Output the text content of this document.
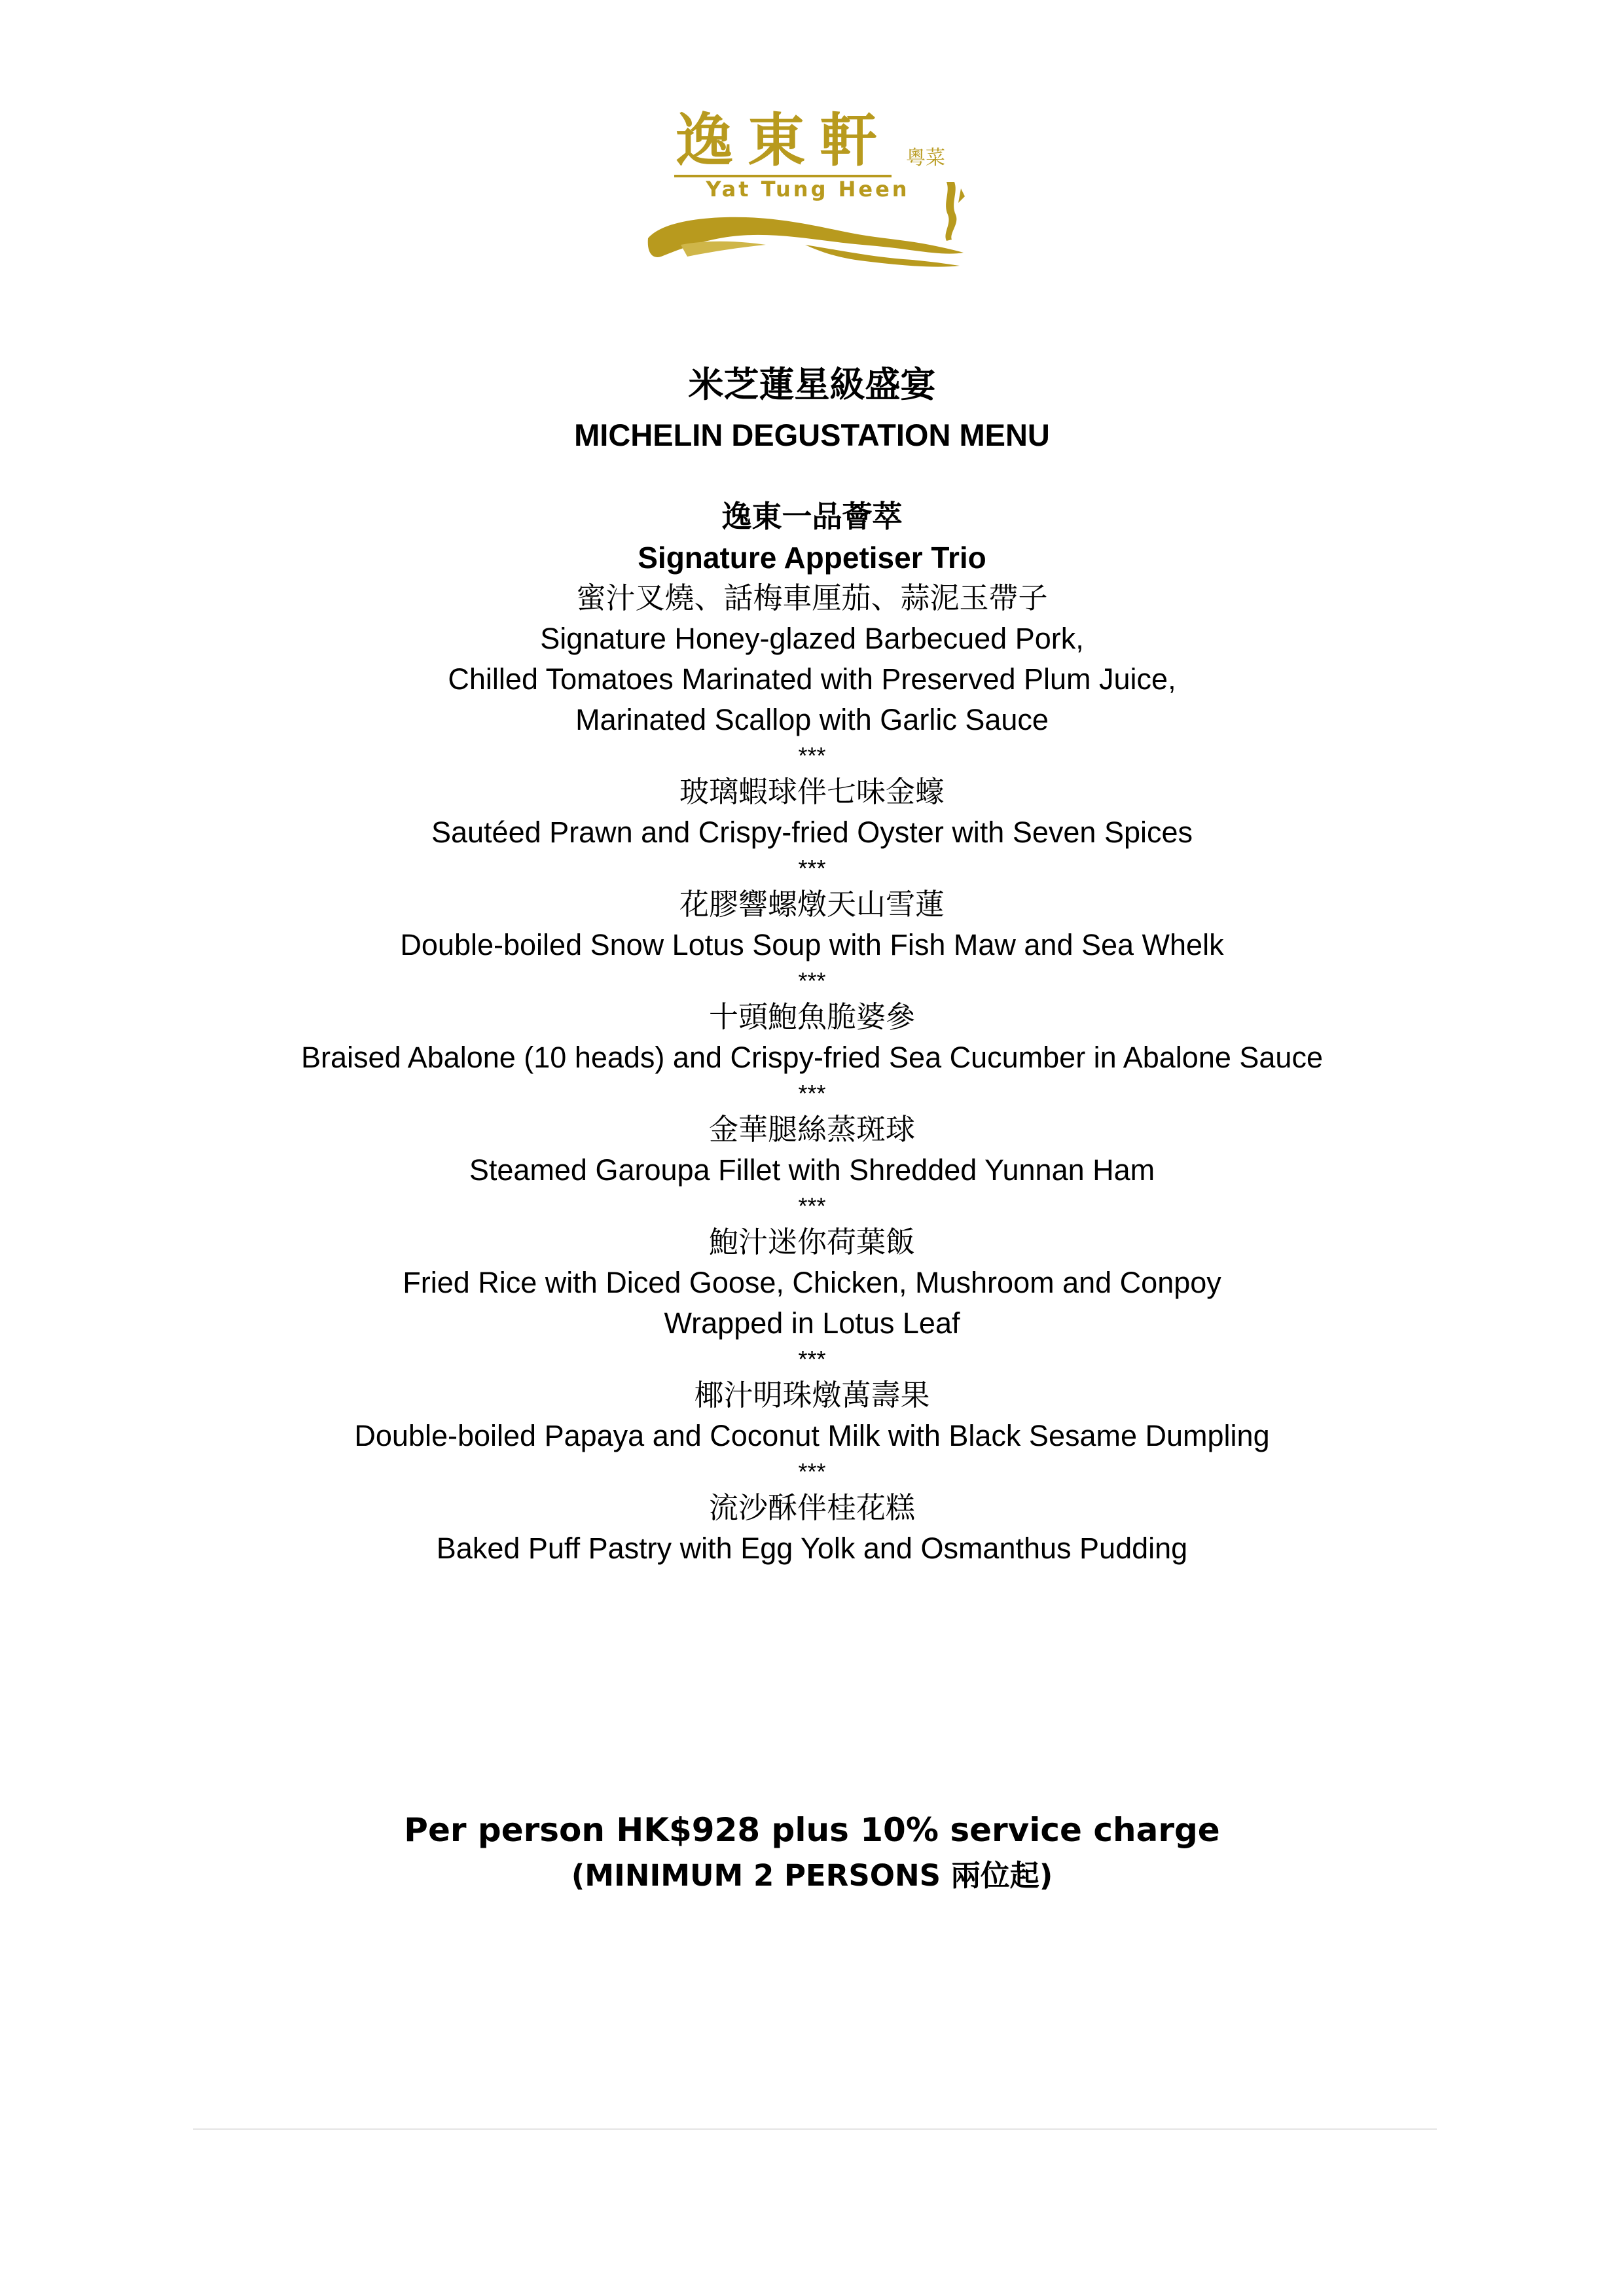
逸東軒 粵菜
Yat Tung Heen
米芝蓮星級盛宴
MICHELIN DEGUSTATION MENU
逸東一品薈萃
Signature Appetiser Trio
蜜汁叉燒、話梅車厘茄、蒜泥玉帶子
Signature Honey-glazed Barbecued Pork,
Chilled Tomatoes Marinated with Preserved Plum Juice,
Marinated Scallop with Garlic Sauce
***
玻璃蝦球伴七味金蠔
Sautéed Prawn and Crispy-fried Oyster with Seven Spices
***
花膠響螺燉天山雪蓮
Double-boiled Snow Lotus Soup with Fish Maw and Sea Whelk
***
十頭鮑魚脆婆參
Braised Abalone (10 heads) and Crispy-fried Sea Cucumber in Abalone Sauce
***
金華腿絲蒸斑球
Steamed Garoupa Fillet with Shredded Yunnan Ham
***
鮑汁迷你荷葉飯
Fried Rice with Diced Goose, Chicken, Mushroom and Conpoy
Wrapped in Lotus Leaf
***
椰汁明珠燉萬壽果
Double-boiled Papaya and Coconut Milk with Black Sesame Dumpling
***
流沙酥伴桂花糕
Baked Puff Pastry with Egg Yolk and Osmanthus Pudding
Per person HK$928 plus 10% service charge
(MINIMUM 2 PERSONS 兩位起)
